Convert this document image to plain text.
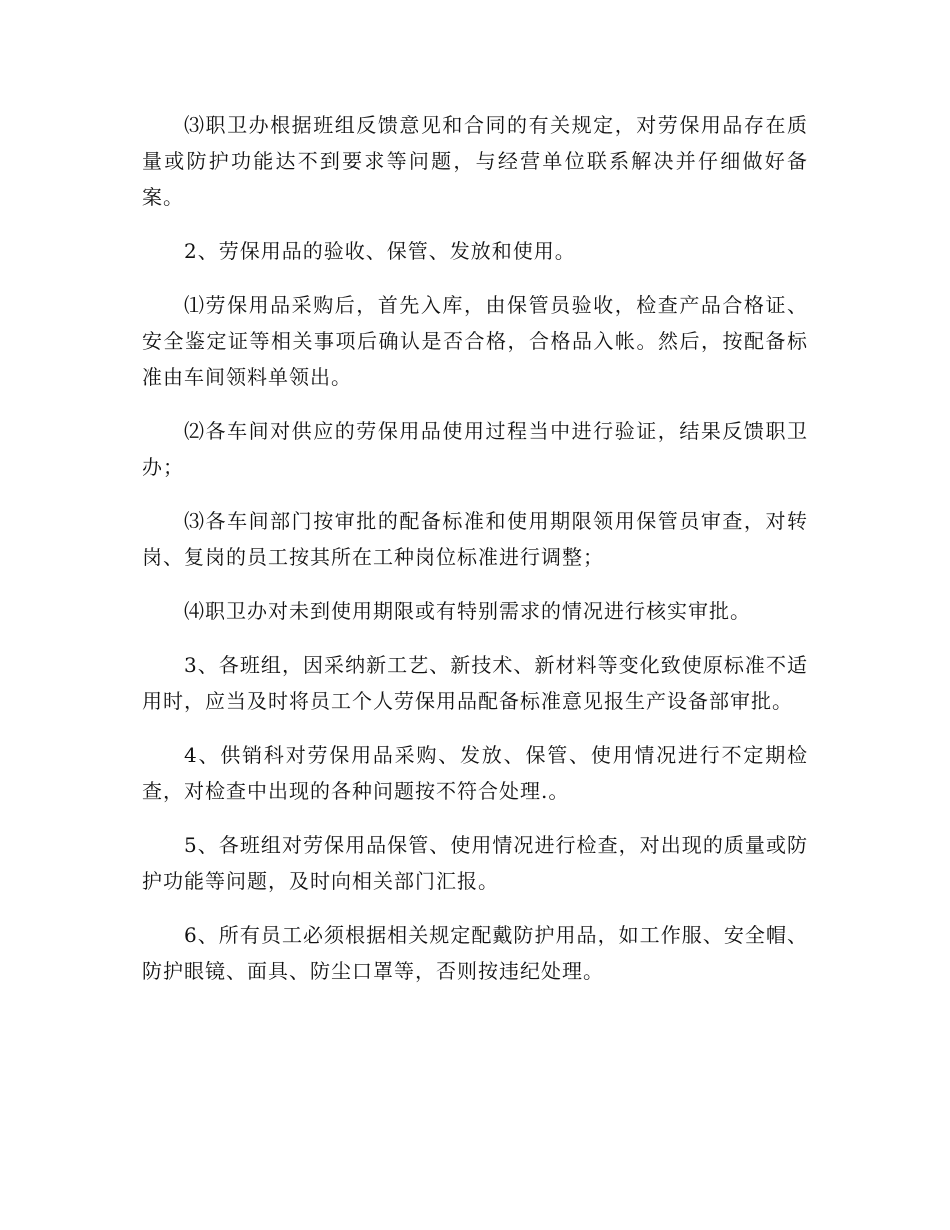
⑶职卫办根据班组反馈意见和合同的有关规定，对劳保用品存在质量或防护功能达不到要求等问题，与经营单位联系解决并仔细做好备案。

2、劳保用品的验收、保管、发放和使用。

⑴劳保用品采购后，首先入库，由保管员验收，检查产品合格证、安全鉴定证等相关事项后确认是否合格，合格品入帐。然后，按配备标准由车间领料单领出。

⑵各车间对供应的劳保用品使用过程当中进行验证，结果反馈职卫办；

⑶各车间部门按审批的配备标准和使用期限领用保管员审查，对转岗、复岗的员工按其所在工种岗位标准进行调整；

⑷职卫办对未到使用期限或有特别需求的情况进行核实审批。

3、各班组，因采纳新工艺、新技术、新材料等变化致使原标准不适用时，应当及时将员工个人劳保用品配备标准意见报生产设备部审批。

4、供销科对劳保用品采购、发放、保管、使用情况进行不定期检查，对检查中出现的各种问题按不符合处理.。

5、各班组对劳保用品保管、使用情况进行检查，对出现的质量或防护功能等问题，及时向相关部门汇报。

6、所有员工必须根据相关规定配戴防护用品，如工作服、安全帽、防护眼镜、面具、防尘口罩等，否则按违纪处理。
